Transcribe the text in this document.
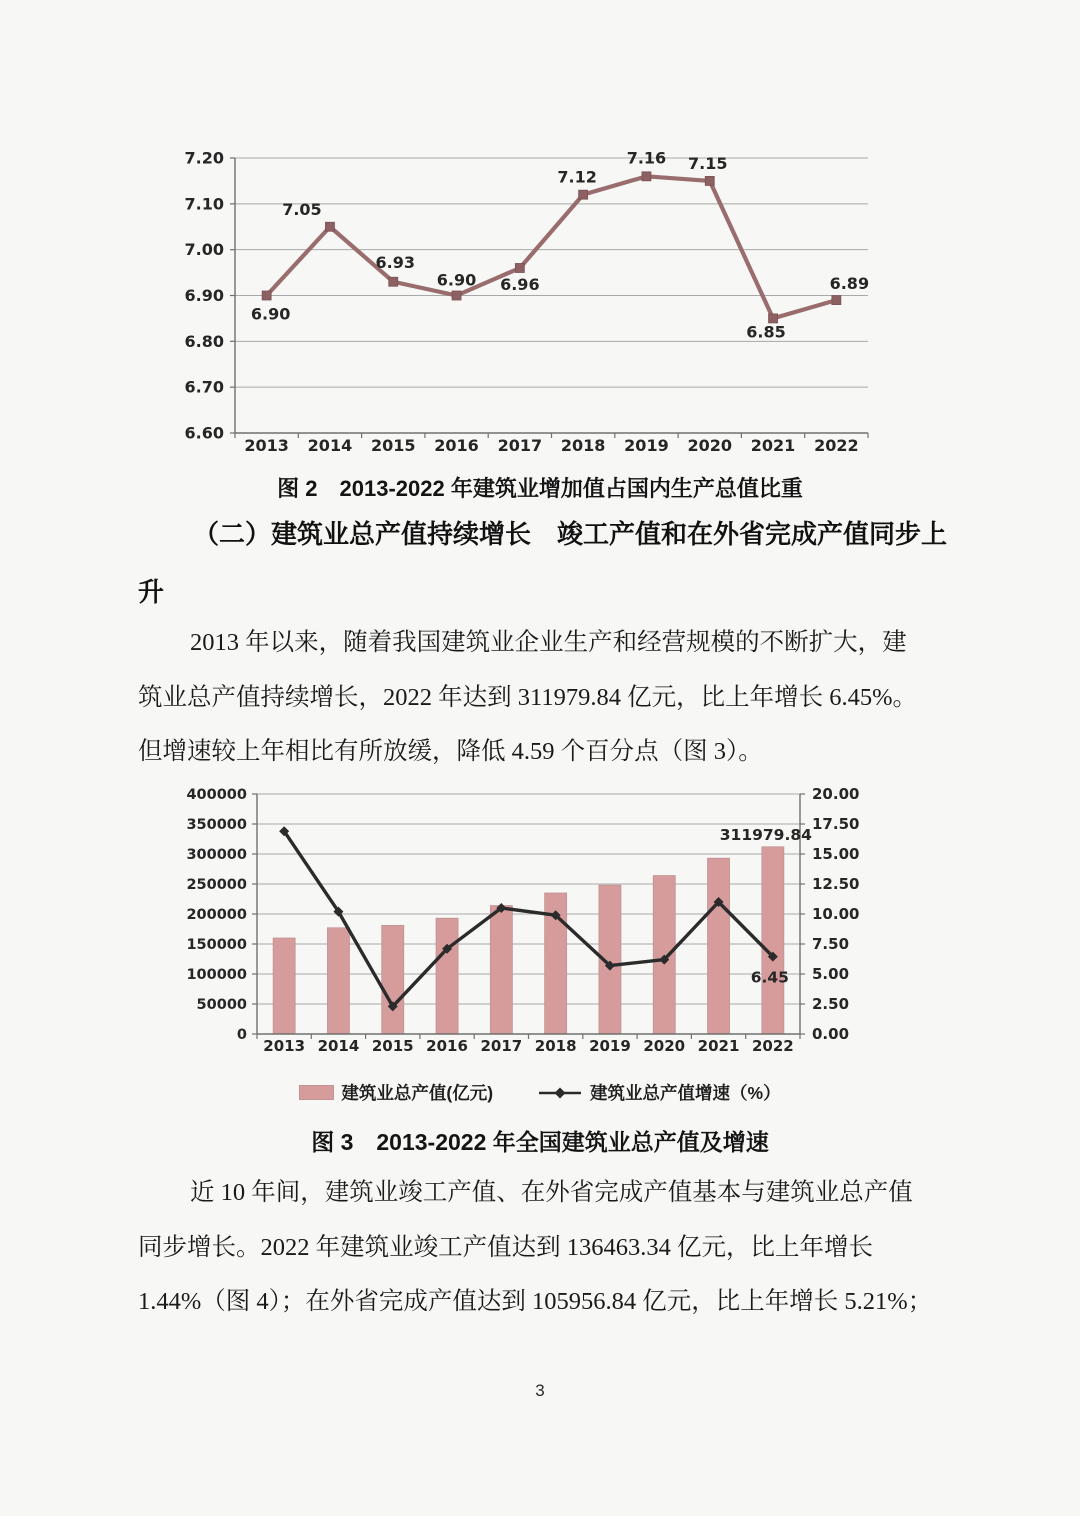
7.20
7.10
7.00
6.90
6.80
6.70
6.60
2013 2014 2015 2016 2017 2018 2019 2020 2021 2022
6.90
7.05
6.93
6.90 6.96
7.12
7.16 7.15
6.85
6.89
图 2　2013-2022 年建筑业增加值占国内生产总值比重
（二）建筑业总产值持续增长　竣工产值和在外省完成产值同步上
升
2013 年以来，随着我国建筑业企业生产和经营规模的不断扩大，建
筑业总产值持续增长，2022 年达到 311979.84 亿元，比上年增长 6.45%。
但增速较上年相比有所放缓，降低 4.59 个百分点（图 3）。
400000
350000
300000
250000
200000
150000
100000
50000
0
20.00
17.50
15.00
12.50
10.00
7.50
5.00
2.50
0.00
2013 2014 2015 2016 2017 2018 2019 2020 2021 2022
311979.84
6.45
建筑业总产值(亿元)	建筑业总产值增速（%）
图 3　2013-2022 年全国建筑业总产值及增速
近 10 年间，建筑业竣工产值、在外省完成产值基本与建筑业总产值
同步增长。2022 年建筑业竣工产值达到 136463.34 亿元，比上年增长
1.44%（图 4）；在外省完成产值达到 105956.84 亿元，比上年增长 5.21%；
3
